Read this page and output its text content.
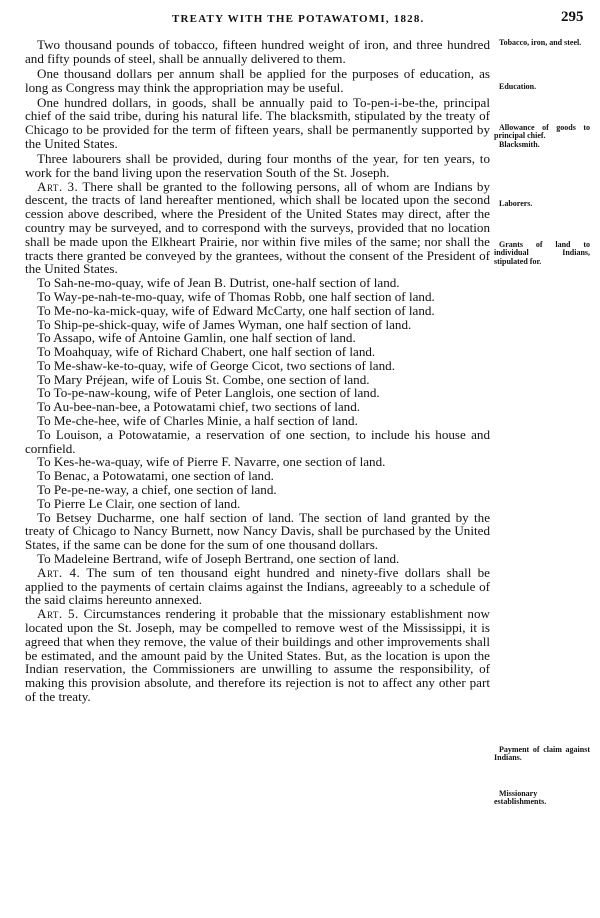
TREATY WITH THE POTAWATOMI, 1828.	295

Two thousand pounds of tobacco, fifteen hundred weight of iron, and three hundred and fifty pounds of steel, shall be annually delivered to them.

One thousand dollars per annum shall be applied for the purposes of education, as long as Congress may think the appropriation may be useful.

One hundred dollars, in goods, shall be annually paid to To-pen-i-be-the, principal chief of the said tribe, during his natural life. The blacksmith, stipulated by the treaty of Chicago to be provided for the term of fifteen years, shall be permanently supported by the United States.

Three labourers shall be provided, during four months of the year, for ten years, to work for the band living upon the reservation South of the St. Joseph.

Art. 3. There shall be granted to the following persons, all of whom are Indians by descent, the tracts of land hereafter mentioned, which shall be located upon the second cession above described, where the President of the United States may direct, after the country may be surveyed, and to correspond with the surveys, provided that no location shall be made upon the Elkheart Prairie, nor within five miles of the same; nor shall the tracts there granted be conveyed by the grantees, without the consent of the President of the United States.

To Sah-ne-mo-quay, wife of Jean B. Dutrist, one-half section of land.

To Way-pe-nah-te-mo-quay, wife of Thomas Robb, one half section of land.

To Me-no-ka-mick-quay, wife of Edward McCarty, one half section of land.

To Ship-pe-shick-quay, wife of James Wyman, one half section of land.

To Assapo, wife of Antoine Gamlin, one half section of land.

To Moahquay, wife of Richard Chabert, one half section of land.

To Me-shaw-ke-to-quay, wife of George Cicot, two sections of land.

To Mary Préjean, wife of Louis St. Combe, one section of land.

To To-pe-naw-koung, wife of Peter Langlois, one section of land.

To Au-bee-nan-bee, a Potowatami chief, two sections of land.

To Me-che-hee, wife of Charles Minie, a half section of land.

To Louison, a Potowatamie, a reservation of one section, to include his house and cornfield.

To Kes-he-wa-quay, wife of Pierre F. Navarre, one section of land.

To Benac, a Potowatami, one section of land.

To Pe-pe-ne-way, a chief, one section of land.

To Pierre Le Clair, one section of land.

To Betsey Ducharme, one half section of land. The section of land granted by the treaty of Chicago to Nancy Burnett, now Nancy Davis, shall be purchased by the United States, if the same can be done for the sum of one thousand dollars.

To Madeleine Bertrand, wife of Joseph Bertrand, one section of land.

Art. 4. The sum of ten thousand eight hundred and ninety-five dollars shall be applied to the payments of certain claims against the Indians, agreeably to a schedule of the said claims hereunto annexed.

Art. 5. Circumstances rendering it probable that the missionary establishment now located upon the St. Joseph, may be compelled to remove west of the Mississippi, it is agreed that when they remove, the value of their buildings and other improvements shall be estimated, and the amount paid by the United States. But, as the location is upon the Indian reservation, the Commissioners are unwilling to assume the responsibility, of making this provision absolute, and therefore its rejection is not to affect any other part of the treaty.

Tobacco, iron, and steel.
Education.
Allowance of goods to principal chief.
Blacksmith.
Laborers.
Grants of land to individual Indians, stipulated for.
Payment of claim against Indians.
Missionary establishments.
